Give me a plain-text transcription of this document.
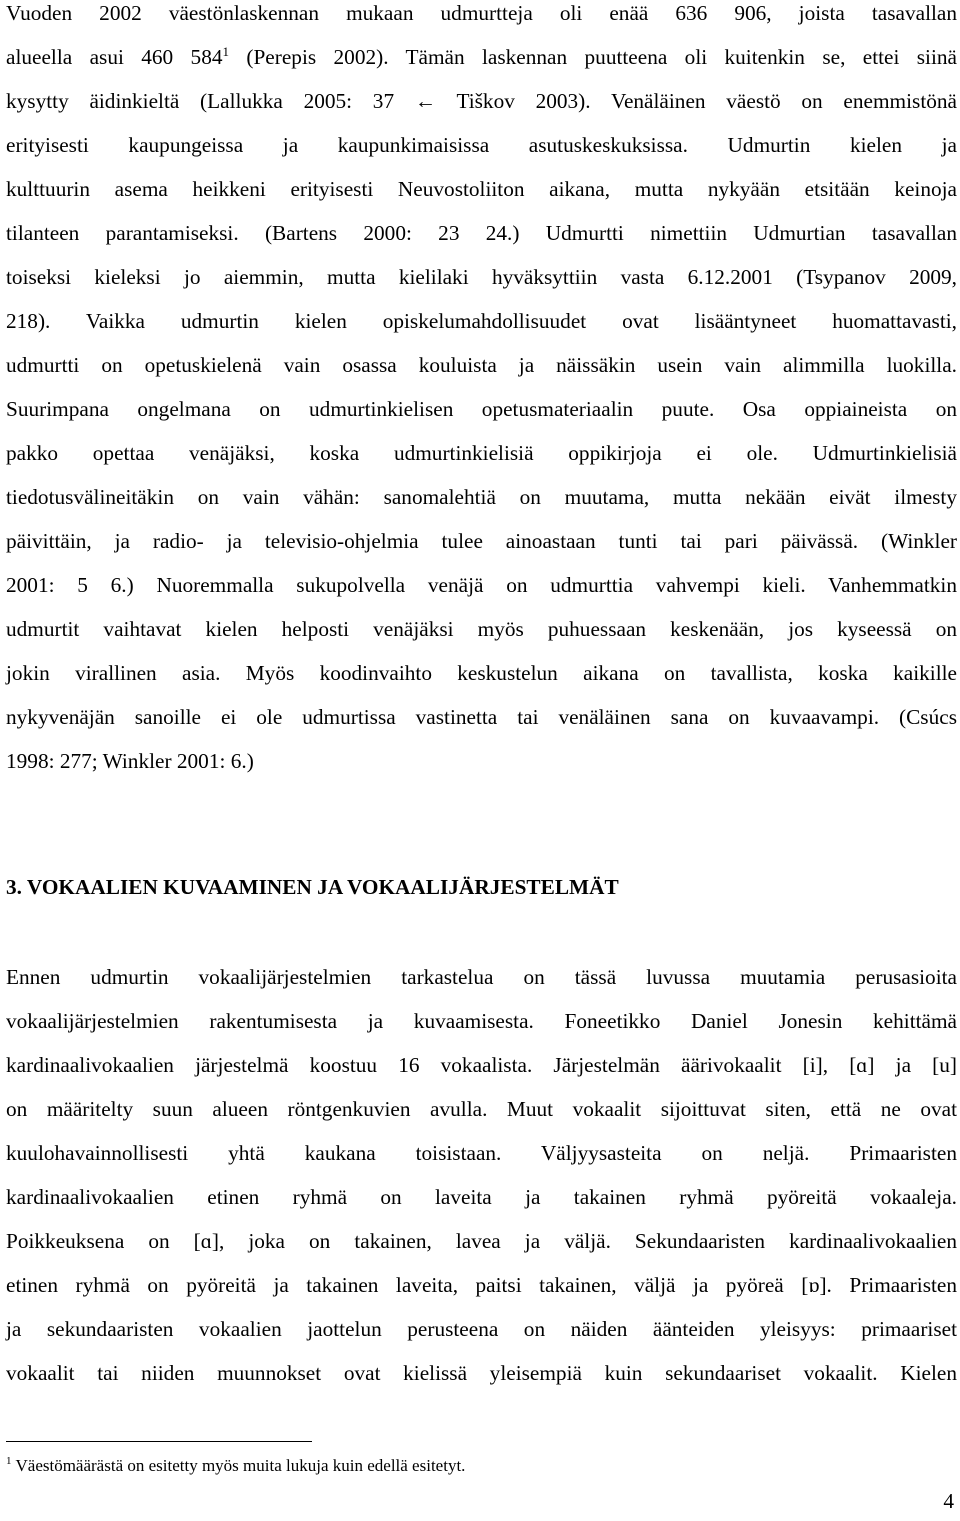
Vuoden 2002 väestönlaskennan mukaan udmurtteja oli enää 636 906, joista tasavallan
alueella asui 460 $584^1$ (Perepis 2002). Tämän laskennan puutteena oli kuitenkin se, ettei siinä
kysytty äidinkieltä (Lallukka 2005: 37 ← Tiškov 2003). Venäläinen väestö on enemmistönä
erityisesti kaupungeissa ja kaupunkimaisissa asutuskeskuksissa. Udmurtin kielen ja
kulttuurin asema heikkeni erityisesti Neuvostoliiton aikana, mutta nykyään etsitään keinoja
tilanteen parantamiseksi. (Bartens 2000: 23 24.) Udmurtti nimettiin Udmurtian tasavallan
toiseksi kieleksi jo aiemmin, mutta kielilaki hyväksyttiin vasta 6.12.2001 (Tsypanov 2009,
218). Vaikka udmurtin kielen opiskelumahdollisuudet ovat lisääntyneet huomattavasti,
udmurtti on opetuskielenä vain osassa kouluista ja näissäkin usein vain alimmilla luokilla.
Suurimpana ongelmana on udmurtinkielisen opetusmateriaalin puute. Osa oppiaineista on
pakko opettaa venäjäksi, koska udmurtinkielisiä oppikirjoja ei ole. Udmurtinkielisiä
tiedotusvälineitäkin on vain vähän: sanomalehtiä on muutama, mutta nekään eivät ilmesty
päivittäin, ja radio- ja televisio-ohjelmia tulee ainoastaan tunti tai pari päivässä. (Winkler
2001: 5 6.) Nuoremmalla sukupolvella venäjä on udmurttia vahvempi kieli. Vanhemmatkin
udmurtit vaihtavat kielen helposti venäjäksi myös puhuessaan keskenään, jos kyseessä on
jokin virallinen asia. Myös koodinvaihto keskustelun aikana on tavallista, koska kaikille
nykyvenäjän sanoille ei ole udmurtissa vastinetta tai venäläinen sana on kuvaavampi. (Csúcs
1998: 277; Winkler 2001: 6.)
3. VOKAALIEN KUVAAMINEN JA VOKAALIJÄRJESTELMÄT
Ennen udmurtin vokaalijärjestelmien tarkastelua on tässä luvussa muutamia perusasioita
vokaalijärjestelmien rakentumisesta ja kuvaamisesta. Foneetikko Daniel Jonesin kehittämä
kardinaalivokaalien järjestelmä koostuu 16 vokaalista. Järjestelmän äärivokaalit [i], [ɑ] ja [u]
on määritelty suun alueen röntgenkuvien avulla. Muut vokaalit sijoittuvat siten, että ne ovat
kuulohavainnollisesti yhtä kaukana toisistaan. Väljyysasteita on neljä. Primaaristen
kardinaalivokaalien etinen ryhmä on laveita ja takainen ryhmä pyöreitä vokaaleja.
Poikkeuksena on [ɑ], joka on takainen, lavea ja väljä. Sekundaaristen kardinaalivokaalien
etinen ryhmä on pyöreitä ja takainen laveita, paitsi takainen, väljä ja pyöreä [ɒ]. Primaaristen
ja sekundaaristen vokaalien jaottelun perusteena on näiden äänteiden yleisyys: primaariset
vokaalit tai niiden muunnokset ovat kielissä yleisempiä kuin sekundaariset vokaalit. Kielen
$^1$ Väestömäärästä on esitetty myös muita lukuja kuin edellä esitetyt.
4
